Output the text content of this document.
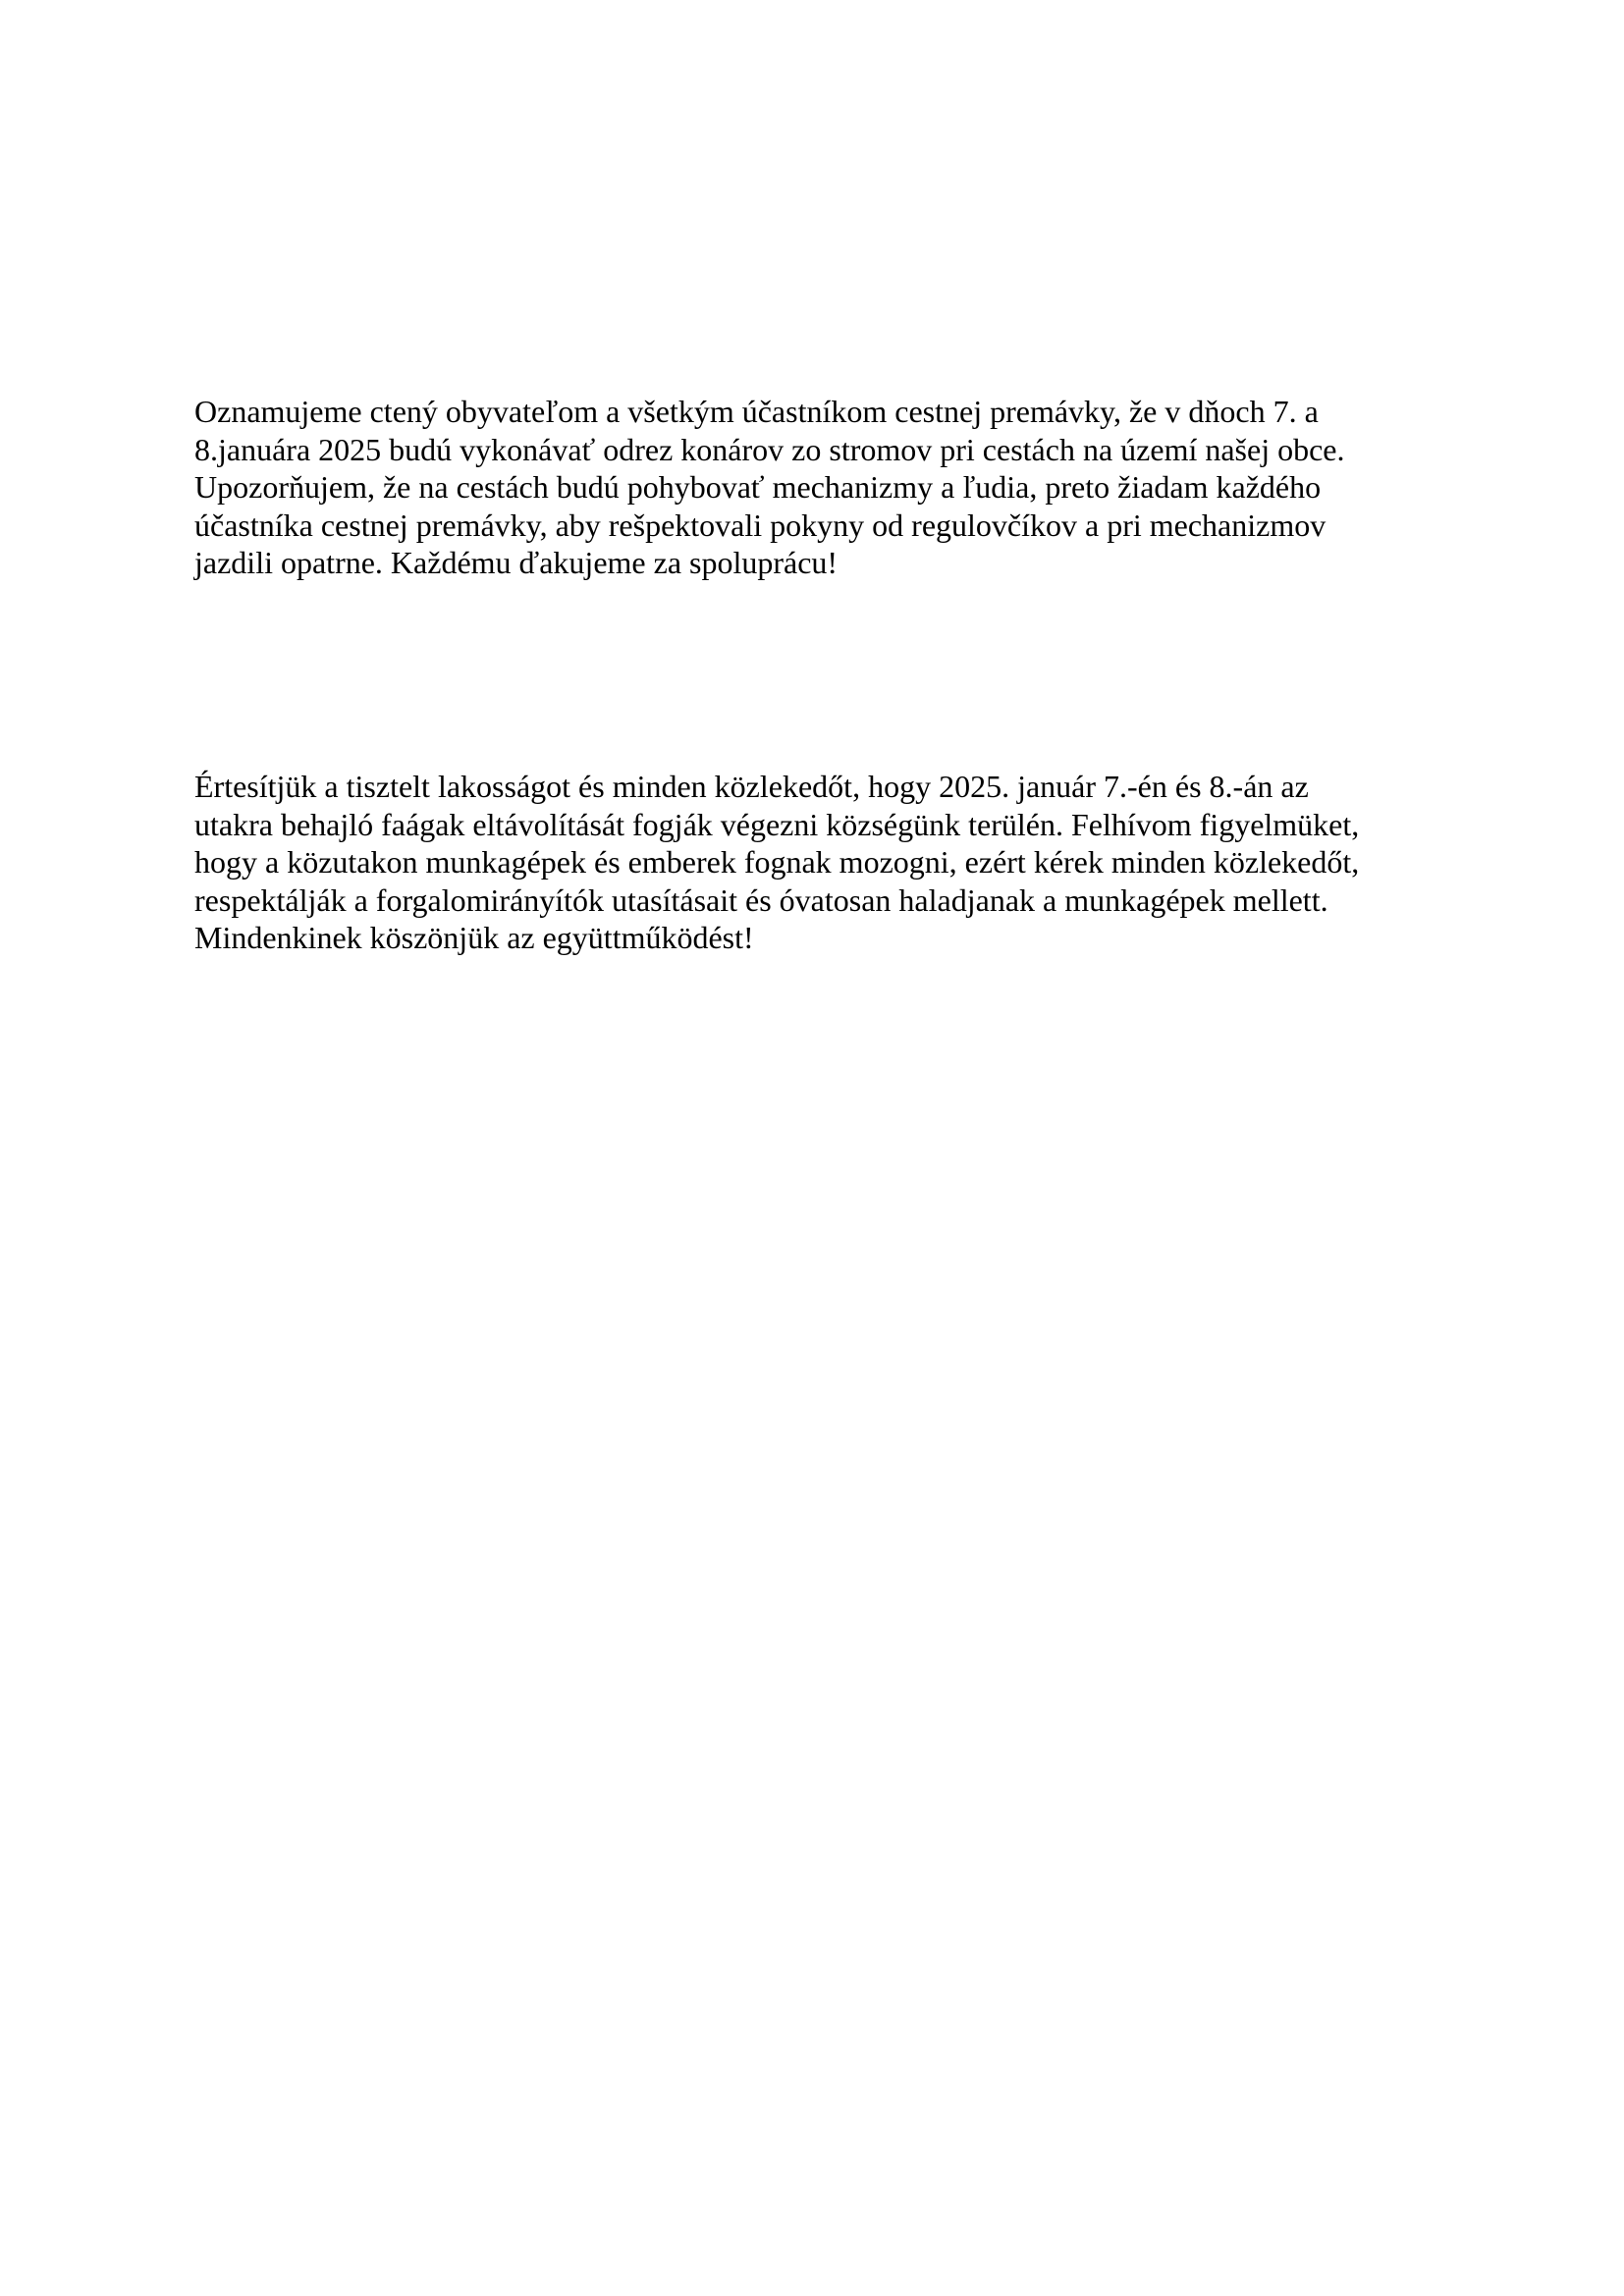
Oznamujeme ctený obyvateľom a všetkým účastníkom cestnej premávky, že v dňoch 7. a
8.januára 2025 budú vykonávať odrez konárov zo stromov pri cestách na území našej obce.
Upozorňujem, že na cestách budú pohybovať mechanizmy a ľudia, preto žiadam každého
účastníka cestnej premávky, aby rešpektovali pokyny od regulovčíkov a pri mechanizmov
jazdili opatrne. Každému ďakujeme za spoluprácu!
Értesítjük a tisztelt lakosságot és minden közlekedőt, hogy 2025. január 7.-én és 8.-án az
utakra behajló faágak eltávolítását fogják végezni községünk terülén. Felhívom figyelmüket,
hogy a közutakon munkagépek és emberek fognak mozogni, ezért kérek minden közlekedőt,
respektálják a forgalomirányítók utasításait és óvatosan haladjanak a munkagépek mellett.
Mindenkinek köszönjük az együttműködést!
